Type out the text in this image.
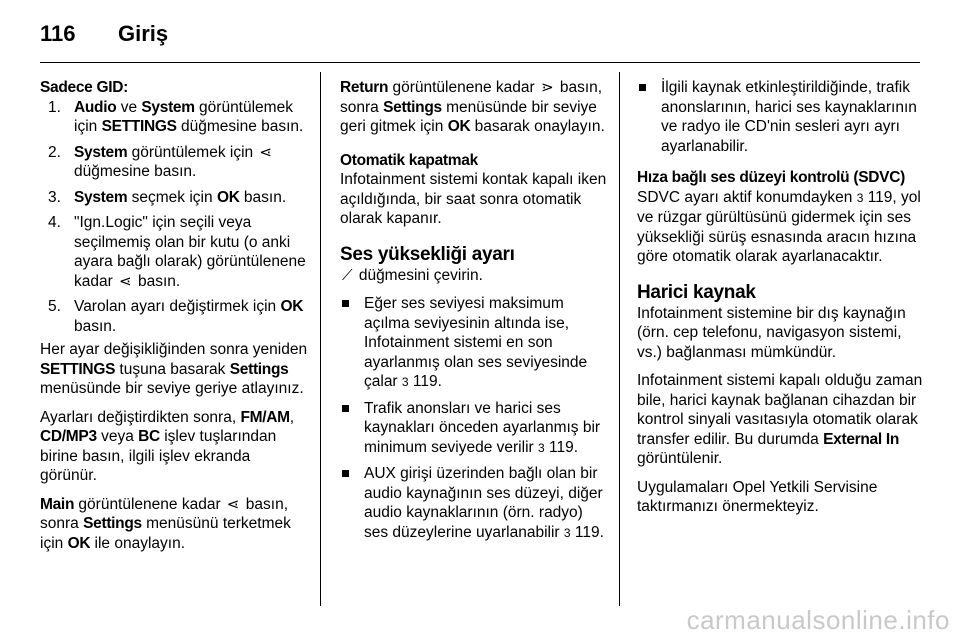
116 Giriş
Sadece GID:
1. Audio ve System görüntülemek için SETTINGS düğmesine basın.
2. System görüntülemek için ⋖ düğmesine basın.
3. System seçmek için OK basın.
4. "Ign.Logic" için seçili veya seçilmemiş olan bir kutu (o anki ayara bağlı olarak) görüntülenene kadar ⋖ basın.
5. Varolan ayarı değiştirmek için OK basın.

Her ayar değişikliğinden sonra yeniden SETTINGS tuşuna basarak Settings menüsünde bir seviye geriye atlayınız.

Ayarları değiştirdikten sonra, FM/AM, CD/MP3 veya BC işlev tuşlarından birine basın, ilgili işlev ekranda görünür.

Main görüntülenene kadar ⋖ basın, sonra Settings menüsünü terketmek için OK ile onaylayın.

Return görüntülenene kadar ⋗ basın, sonra Settings menüsünde bir seviye geri gitmek için OK basarak onaylayın.

Otomatik kapatmak

Infotainment sistemi kontak kapalı iken açıldığında, bir saat sonra otomatik olarak kapanır.

Ses yüksekliği ayarı

⟋ düğmesini çevirin.

Eğer ses seviyesi maksimum açılma seviyesinin altında ise, Infotainment sistemi en son ayarlanmış olan ses seviyesinde çalar 3 119.
Trafik anonsları ve harici ses kaynakları önceden ayarlanmış bir minimum seviyede verilir 3 119.
AUX girişi üzerinden bağlı olan bir audio kaynağının ses düzeyi, diğer audio kaynaklarının (örn. radyo) ses düzeylerine uyarlanabilir 3 119.
İlgili kaynak etkinleştirildiğinde, trafik anonslarının, harici ses kaynaklarının ve radyo ile CD'nin sesleri ayrı ayrı ayarlanabilir.
Hıza bağlı ses düzeyi kontrolü (SDVC)

SDVC ayarı aktif konumdayken 3 119, yol ve rüzgar gürültüsünü gidermek için ses yüksekliği sürüş esnasında aracın hızına göre otomatik olarak ayarlanacaktır.

Harici kaynak

Infotainment sistemine bir dış kaynağın (örn. cep telefonu, navigasyon sistemi, vs.) bağlanması mümkündür.

Infotainment sistemi kapalı olduğu zaman bile, harici kaynak bağlanan cihazdan bir kontrol sinyali vasıtasıyla otomatik olarak transfer edilir. Bu durumda External In görüntülenir.

Uygulamaları Opel Yetkili Servisine taktırmanızı önermekteyiz.

carmanualsonline.info
